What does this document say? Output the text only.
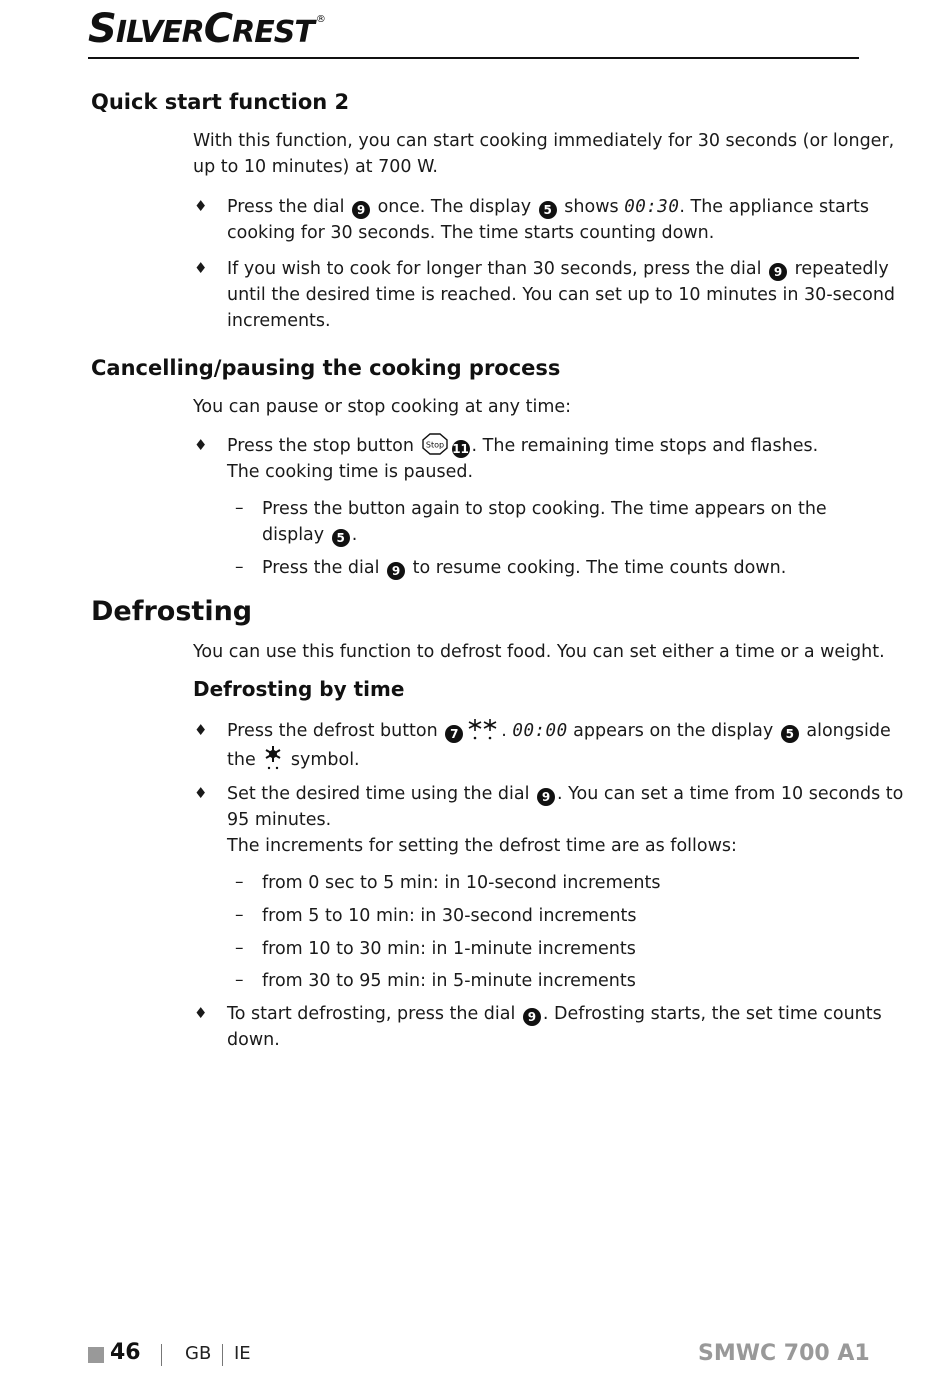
SILVERCREST ®
Quick start function 2
With this function, you can start cooking immediately for 30 seconds (or longer,
up to 10 minutes) at 700 W.
♦ Press the dial 9 once. The display 5 shows 00:30. The appliance starts
cooking for 30 seconds. The time starts counting down.
♦ If you wish to cook for longer than 30 seconds, press the dial 9 repeatedly
until the desired time is reached. You can set up to 10 minutes in 30-second
increments.
Cancelling/pausing the cooking process
You can pause or stop cooking at any time:
♦ Press the stop button Stop 11 . The remaining time stops and flashes.
The cooking time is paused.
– Press the button again to stop cooking. The time appears on the
display 5 .
– Press the dial 9 to resume cooking. The time counts down.
Defrosting
You can use this function to defrost food. You can set either a time or a weight.
Defrosting by time
♦ Press the defrost button 7 . 00:00 appears on the display 5 alongside
the  symbol.
♦ Set the desired time using the dial 9 . You can set a time from 10 seconds to
95 minutes.
The increments for setting the defrost time are as follows:
– from 0 sec to 5 min: in 10-second increments
– from 5 to 10 min: in 30-second increments
– from 10 to 30 min: in 1-minute increments
– from 30 to 95 min: in 5-minute increments
♦ To start defrosting, press the dial 9 . Defrosting starts, the set time counts
down.
46 GB IE	SMWC 700 A1
